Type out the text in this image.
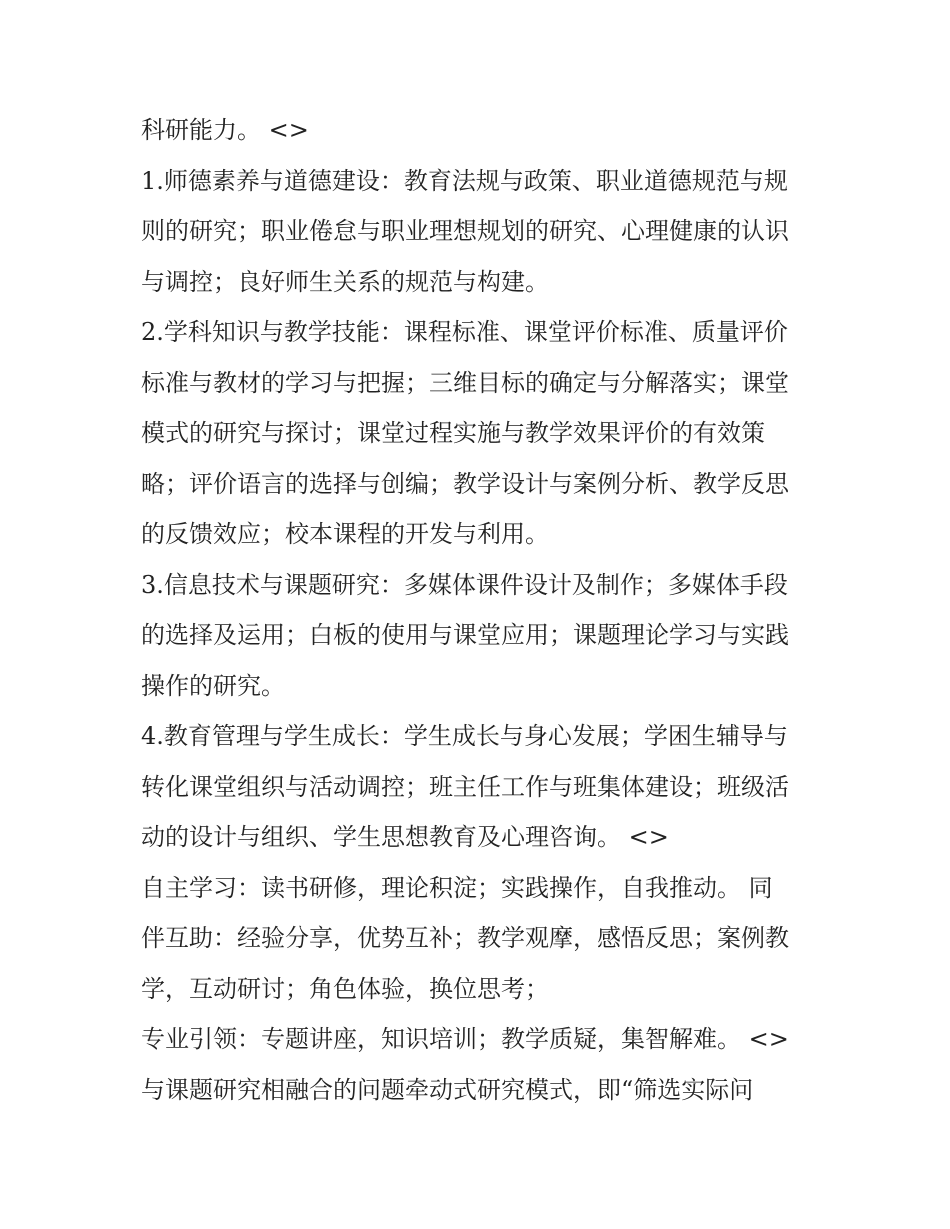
科研能力。 <>
1.师德素养与道德建设：教育法规与政策、职业道德规范与规
则的研究；职业倦怠与职业理想规划的研究、心理健康的认识
与调控；良好师生关系的规范与构建。
2.学科知识与教学技能：课程标准、课堂评价标准、质量评价
标准与教材的学习与把握；三维目标的确定与分解落实；课堂
模式的研究与探讨；课堂过程实施与教学效果评价的有效策
略；评价语言的选择与创编；教学设计与案例分析、教学反思
的反馈效应；校本课程的开发与利用。
3.信息技术与课题研究：多媒体课件设计及制作；多媒体手段
的选择及运用；白板的使用与课堂应用；课题理论学习与实践
操作的研究。
4.教育管理与学生成长：学生成长与身心发展；学困生辅导与
转化课堂组织与活动调控；班主任工作与班集体建设；班级活
动的设计与组织、学生思想教育及心理咨询。 <>
自主学习：读书研修，理论积淀；实践操作，自我推动。 同
伴互助：经验分享，优势互补；教学观摩，感悟反思；案例教
学，互动研讨；角色体验，换位思考；
专业引领：专题讲座，知识培训；教学质疑，集智解难。 <>
与课题研究相融合的问题牵动式研究模式，即“筛选实际问
